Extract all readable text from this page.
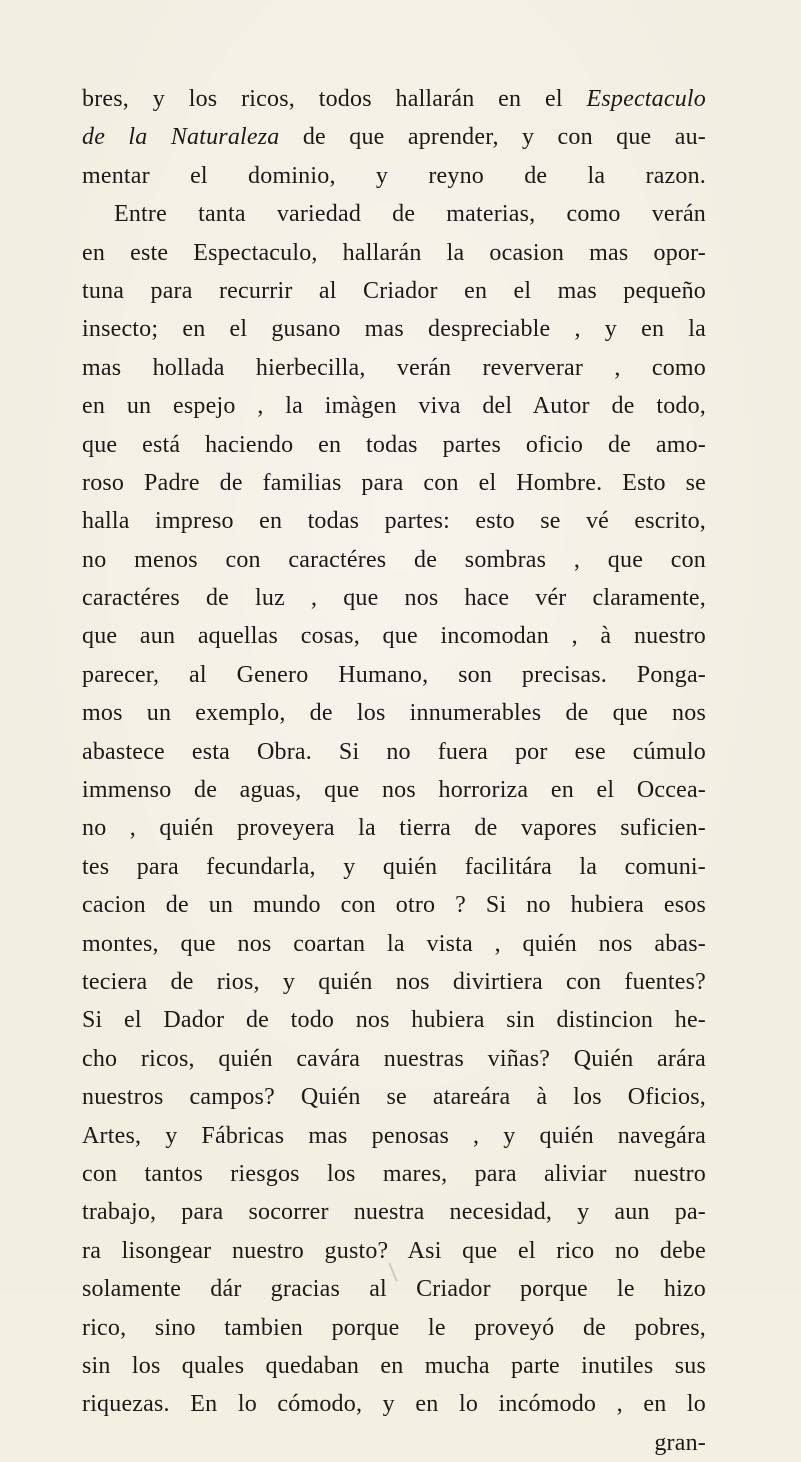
bres, y los ricos, todos hallarán en el Espectaculo
de la Naturaleza de que aprender, y con que au-
mentar el dominio, y reyno de la razon.
Entre tanta variedad de materias, como verán
en este Espectaculo, hallarán la ocasion mas opor-
tuna para recurrir al Criador en el mas pequeño
insecto; en el gusano mas despreciable , y en la
mas hollada hierbecilla, verán reververar , como
en un espejo , la imàgen viva del Autor de todo,
que está haciendo en todas partes oficio de amo-
roso Padre de familias para con el Hombre. Esto se
halla impreso en todas partes: esto se vé escrito,
no menos con caractéres de sombras , que con
caractéres de luz , que nos hace vér claramente,
que aun aquellas cosas, que incomodan , à nuestro
parecer, al Genero Humano, son precisas. Ponga-
mos un exemplo, de los innumerables de que nos
abastece esta Obra. Si no fuera por ese cúmulo
immenso de aguas, que nos horroriza en el Occea-
no , quién proveyera la tierra de vapores suficien-
tes para fecundarla, y quién facilitára la comuni-
cacion de un mundo con otro ? Si no hubiera esos
montes, que nos coartan la vista , quién nos abas-
teciera de rios, y quién nos divirtiera con fuentes?
Si el Dador de todo nos hubiera sin distincion he-
cho ricos, quién cavára nuestras viñas? Quién arára
nuestros campos? Quién se atareára à los Oficios,
Artes, y Fábricas mas penosas , y quién navegára
con tantos riesgos los mares, para aliviar nuestro
trabajo, para socorrer nuestra necesidad, y aun pa-
ra lisongear nuestro gusto? Asi que el rico no debe
solamente dár gracias al Criador porque le hizo
rico, sino tambien porque le proveyó de pobres,
sin los quales quedaban en mucha parte inutiles sus
riquezas. En lo cómodo, y en lo incómodo , en lo
gran-
